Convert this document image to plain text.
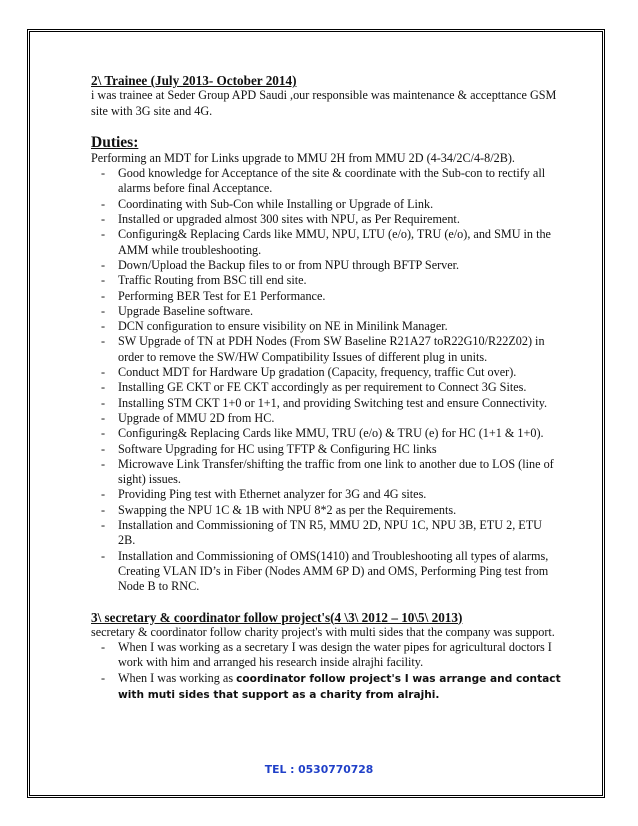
2\ Trainee (July 2013- October 2014)

i was trainee at Seder Group APD Saudi ,our responsible was maintenance & accepttance GSM site with 3G site and 4G.

Duties:

Performing an MDT for Links upgrade to MMU 2H from MMU 2D (4-34/2C/4-8/2B).

- Good knowledge for Acceptance of the site & coordinate with the Sub-con to rectify all alarms before final Acceptance.
- Coordinating with Sub-Con while Installing or Upgrade of Link.
- Installed or upgraded almost 300 sites with NPU, as Per Requirement.
- Configuring& Replacing Cards like MMU, NPU, LTU (e/o), TRU (e/o), and SMU in the AMM while troubleshooting.
- Down/Upload the Backup files to or from NPU through BFTP Server.
- Traffic Routing from BSC till end site.
- Performing BER Test for E1 Performance.
- Upgrade Baseline software.
- DCN configuration to ensure visibility on NE in Minilink Manager.
- SW Upgrade of TN at PDH Nodes (From SW Baseline R21A27 toR22G10/R22Z02) in order to remove the SW/HW Compatibility Issues of different plug in units.
- Conduct MDT for Hardware Up gradation (Capacity, frequency, traffic Cut over).
- Installing GE CKT or FE CKT accordingly as per requirement to Connect 3G Sites.
- Installing STM CKT 1+0 or 1+1, and providing Switching test and ensure Connectivity.
- Upgrade of MMU 2D from HC.
- Configuring& Replacing Cards like MMU, TRU (e/o) & TRU (e) for HC (1+1 & 1+0).
- Software Upgrading for HC using TFTP & Configuring HC links
- Microwave Link Transfer/shifting the traffic from one link to another due to LOS (line of sight) issues.
- Providing Ping test with Ethernet analyzer for 3G and 4G sites.
- Swapping the NPU 1C & 1B with NPU 8*2 as per the Requirements.
- Installation and Commissioning of TN R5, MMU 2D, NPU 1C, NPU 3B, ETU 2, ETU 2B.
- Installation and Commissioning of OMS(1410) and Troubleshooting all types of alarms, Creating VLAN ID’s in Fiber (Nodes AMM 6P D) and OMS, Performing Ping test from Node B to RNC.

3\ secretary & coordinator follow project's(4 \3\ 2012 – 10\5\ 2013)

secretary & coordinator follow charity project's with multi sides that the company was support.

- When I was working as a secretary I was design the water pipes for agricultural doctors I work with him and arranged his research inside alrajhi facility.
- When I was working as coordinator follow project's I was arrange and contact with muti sides that support as a charity from alrajhi.
TEL : 0530770728
